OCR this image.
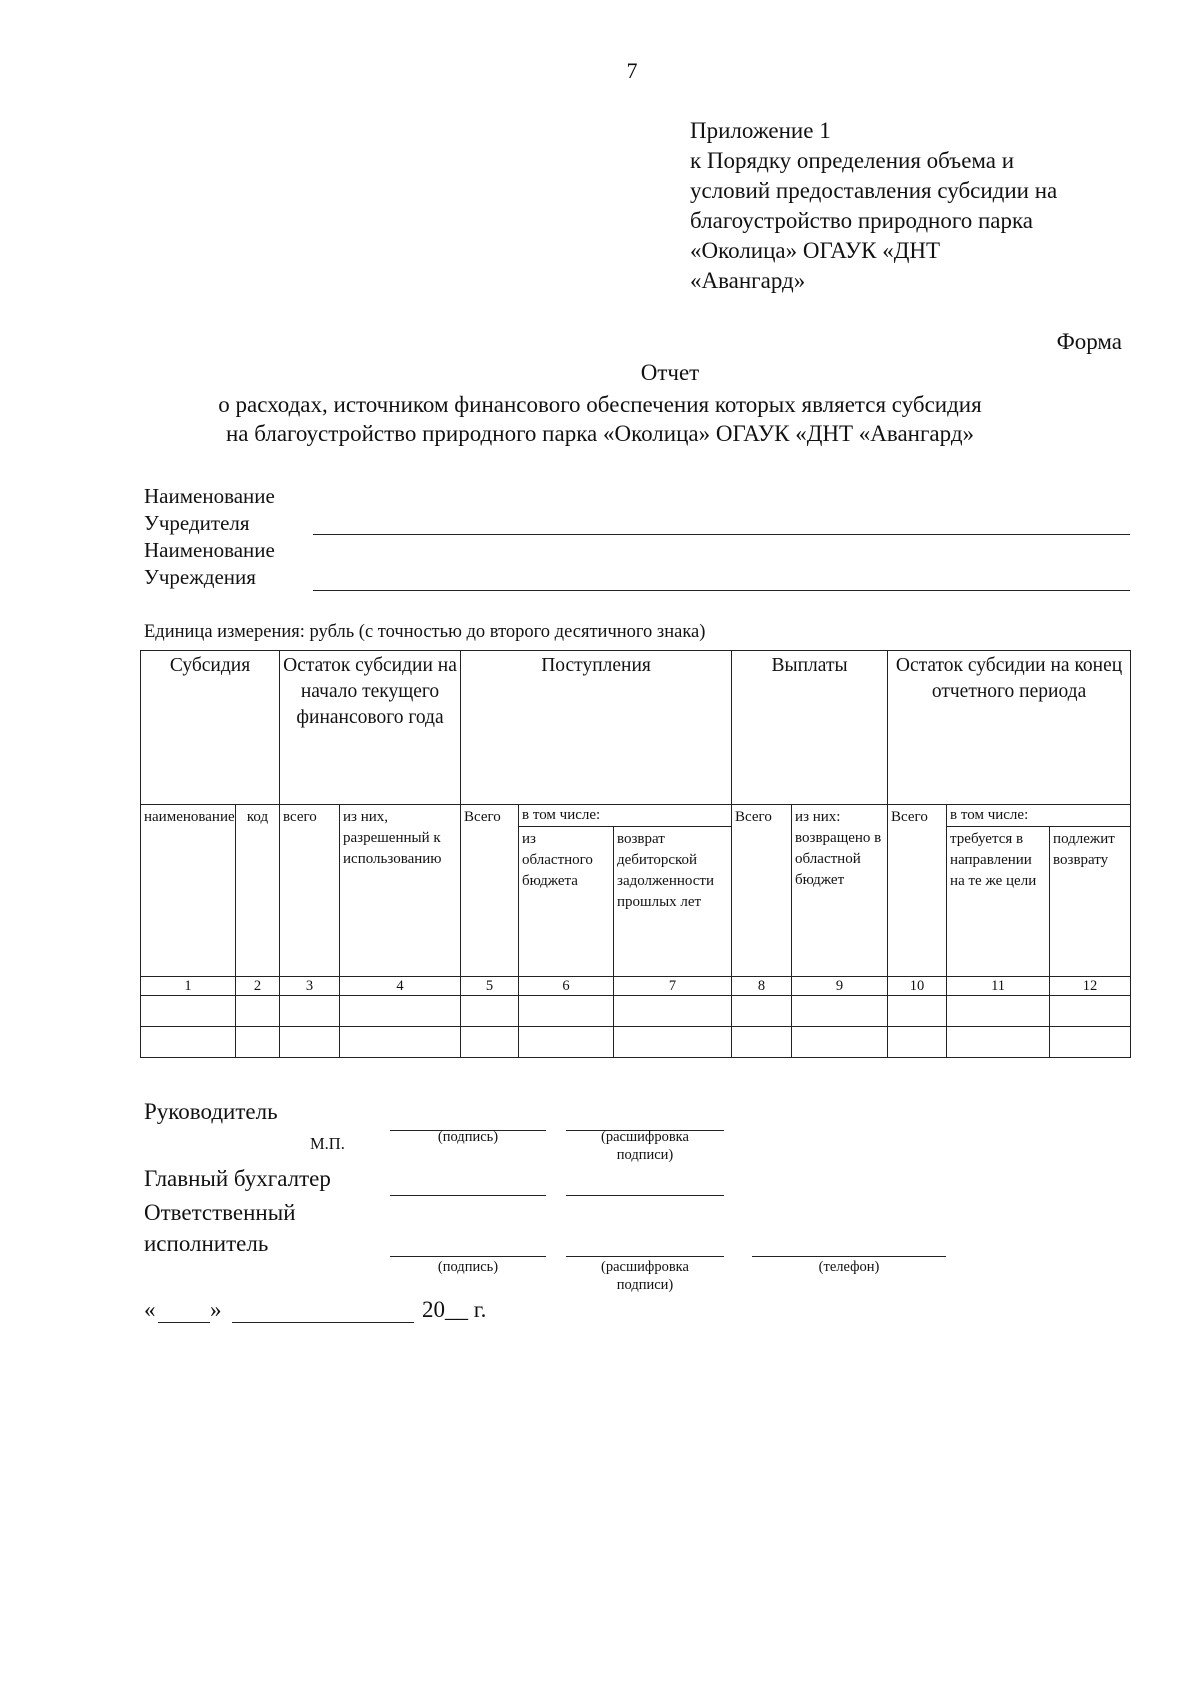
7
Приложение 1
к Порядку определения объема и
условий предоставления субсидии на
благоустройство природного парка
«Околица» ОГАУК «ДНТ
«Авангард»
Форма
Отчет
о расходах, источником финансового обеспечения которых является субсидия
на благоустройство природного парка «Околица» ОГАУК «ДНТ «Авангард»
Наименование
Учредителя
Наименование
Учреждения
Единица измерения: рубль (с точностью до второго десятичного знака)
Субсидия		Остаток субсидии на начало текущего финансового года		Поступления			Выплаты		Остаток субсидии на конец отчетного периода		
наименование	код	всего	из них, разрешенный к использованию	Всего	в том числе:		Всего	из них: возвращено в областной бюджет	Всего	в том числе:	
					из областного бюджета	возврат дебиторской задолженности прошлых лет				требуется в направлении на те же цели	подлежит возврату
1	2	3	4	5	6	7	8	9	10	11	12

Руководитель
М.П.	(подпись)	(расшифровка подписи)
Главный бухгалтер
Ответственный
исполнитель
(подпись)	(расшифровка подписи)
(телефон)
« »	20__ г.
